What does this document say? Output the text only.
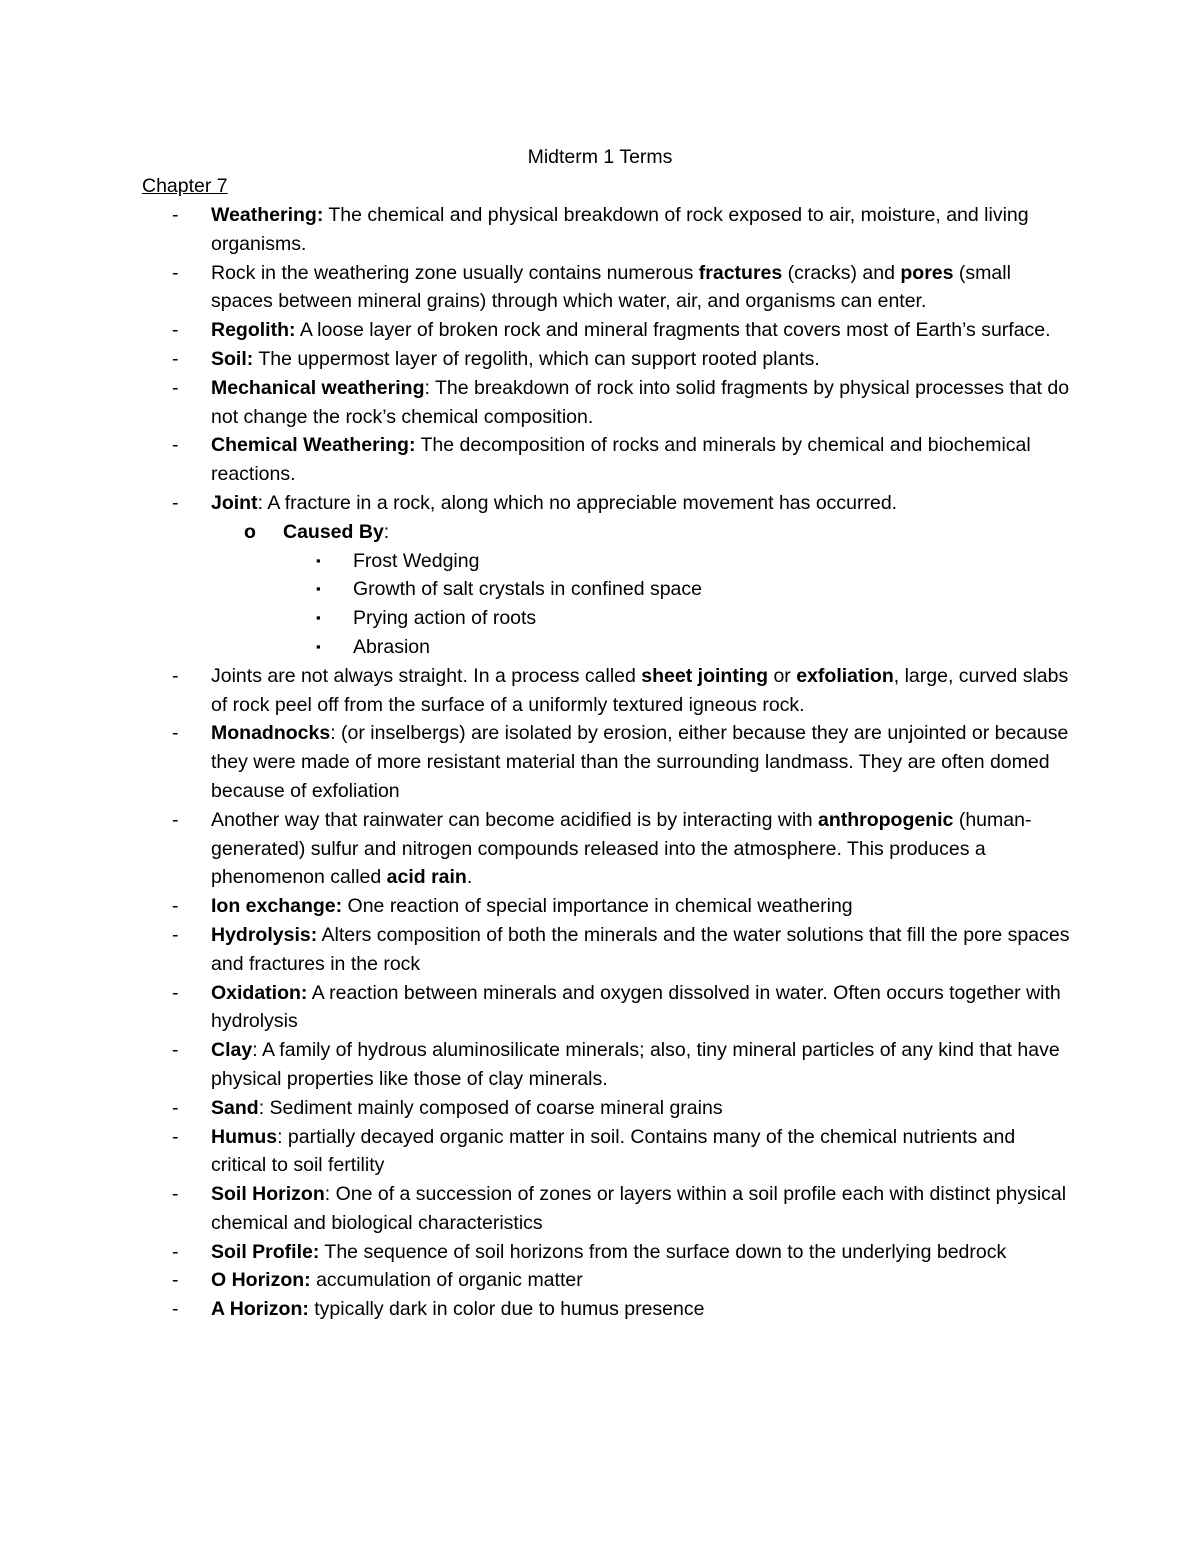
Midterm 1 Terms
Chapter 7
- Weathering: The chemical and physical breakdown of rock exposed to air, moisture, and living organisms.
- Rock in the weathering zone usually contains numerous fractures (cracks) and pores (small spaces between mineral grains) through which water, air, and organisms can enter.
- Regolith: A loose layer of broken rock and mineral fragments that covers most of Earth’s surface.
- Soil: The uppermost layer of regolith, which can support rooted plants.
- Mechanical weathering: The breakdown of rock into solid fragments by physical processes that do not change the rock’s chemical composition.
- Chemical Weathering: The decomposition of rocks and minerals by chemical and biochemical reactions.
- Joint: A fracture in a rock, along which no appreciable movement has occurred.
o Caused By:
▪ Frost Wedging
▪ Growth of salt crystals in confined space
▪ Prying action of roots
▪ Abrasion
- Joints are not always straight. In a process called sheet jointing or exfoliation, large, curved slabs of rock peel off from the surface of a uniformly textured igneous rock.
- Monadnocks: (or inselbergs) are isolated by erosion, either because they are unjointed or because they were made of more resistant material than the surrounding landmass. They are often domed because of exfoliation
- Another way that rainwater can become acidified is by interacting with anthropogenic (human-generated) sulfur and nitrogen compounds released into the atmosphere. This produces a phenomenon called acid rain.
- Ion exchange: One reaction of special importance in chemical weathering
- Hydrolysis: Alters composition of both the minerals and the water solutions that fill the pore spaces and fractures in the rock
- Oxidation: A reaction between minerals and oxygen dissolved in water. Often occurs together with hydrolysis
- Clay: A family of hydrous aluminosilicate minerals; also, tiny mineral particles of any kind that have physical properties like those of clay minerals.
- Sand: Sediment mainly composed of coarse mineral grains
- Humus: partially decayed organic matter in soil. Contains many of the chemical nutrients and critical to soil fertility
- Soil Horizon: One of a succession of zones or layers within a soil profile each with distinct physical chemical and biological characteristics
- Soil Profile: The sequence of soil horizons from the surface down to the underlying bedrock
- O Horizon: accumulation of organic matter
- A Horizon: typically dark in color due to humus presence
